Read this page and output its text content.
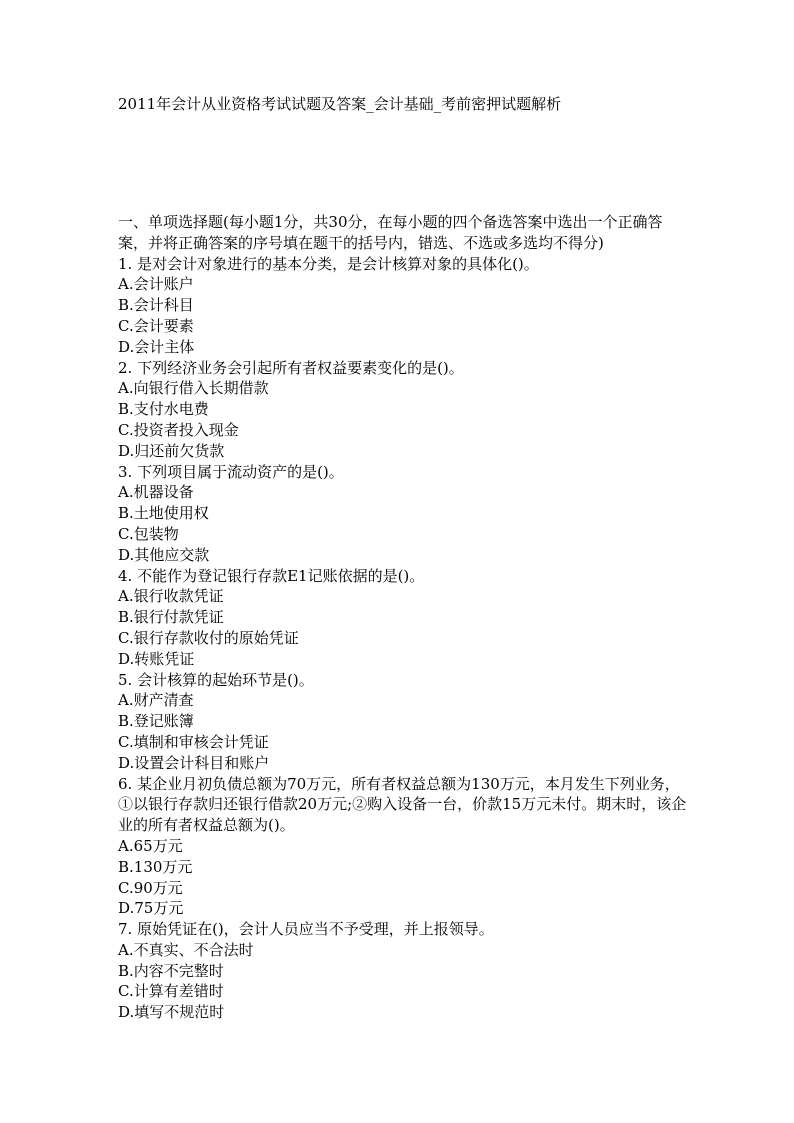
2011年会计从业资格考试试题及答案_会计基础_考前密押试题解析
一、单项选择题(每小题1分，共30分，在每小题的四个备选答案中选出一个正确答案，并将正确答案的序号填在题干的括号内，错选、不选或多选均不得分)
1. 是对会计对象进行的基本分类，是会计核算对象的具体化()。
A.会计账户
B.会计科目
C.会计要素
D.会计主体
2. 下列经济业务会引起所有者权益要素变化的是()。
A.向银行借入长期借款
B.支付水电费
C.投资者投入现金
D.归还前欠货款
3. 下列项目属于流动资产的是()。
A.机器设备
B.土地使用权
C.包装物
D.其他应交款
4. 不能作为登记银行存款E1记账依据的是()。
A.银行收款凭证
B.银行付款凭证
C.银行存款收付的原始凭证
D.转账凭证
5. 会计核算的起始环节是()。
A.财产清查
B.登记账簿
C.填制和审核会计凭证
D.设置会计科目和账户
6. 某企业月初负债总额为70万元，所有者权益总额为130万元，本月发生下列业务，①以银行存款归还银行借款20万元;②购入设备一台，价款15万元未付。期末时，该企业的所有者权益总额为()。
A.65万元
B.130万元
C.90万元
D.75万元
7. 原始凭证在()，会计人员应当不予受理，并上报领导。
A.不真实、不合法时
B.内容不完整时
C.计算有差错时
D.填写不规范时
